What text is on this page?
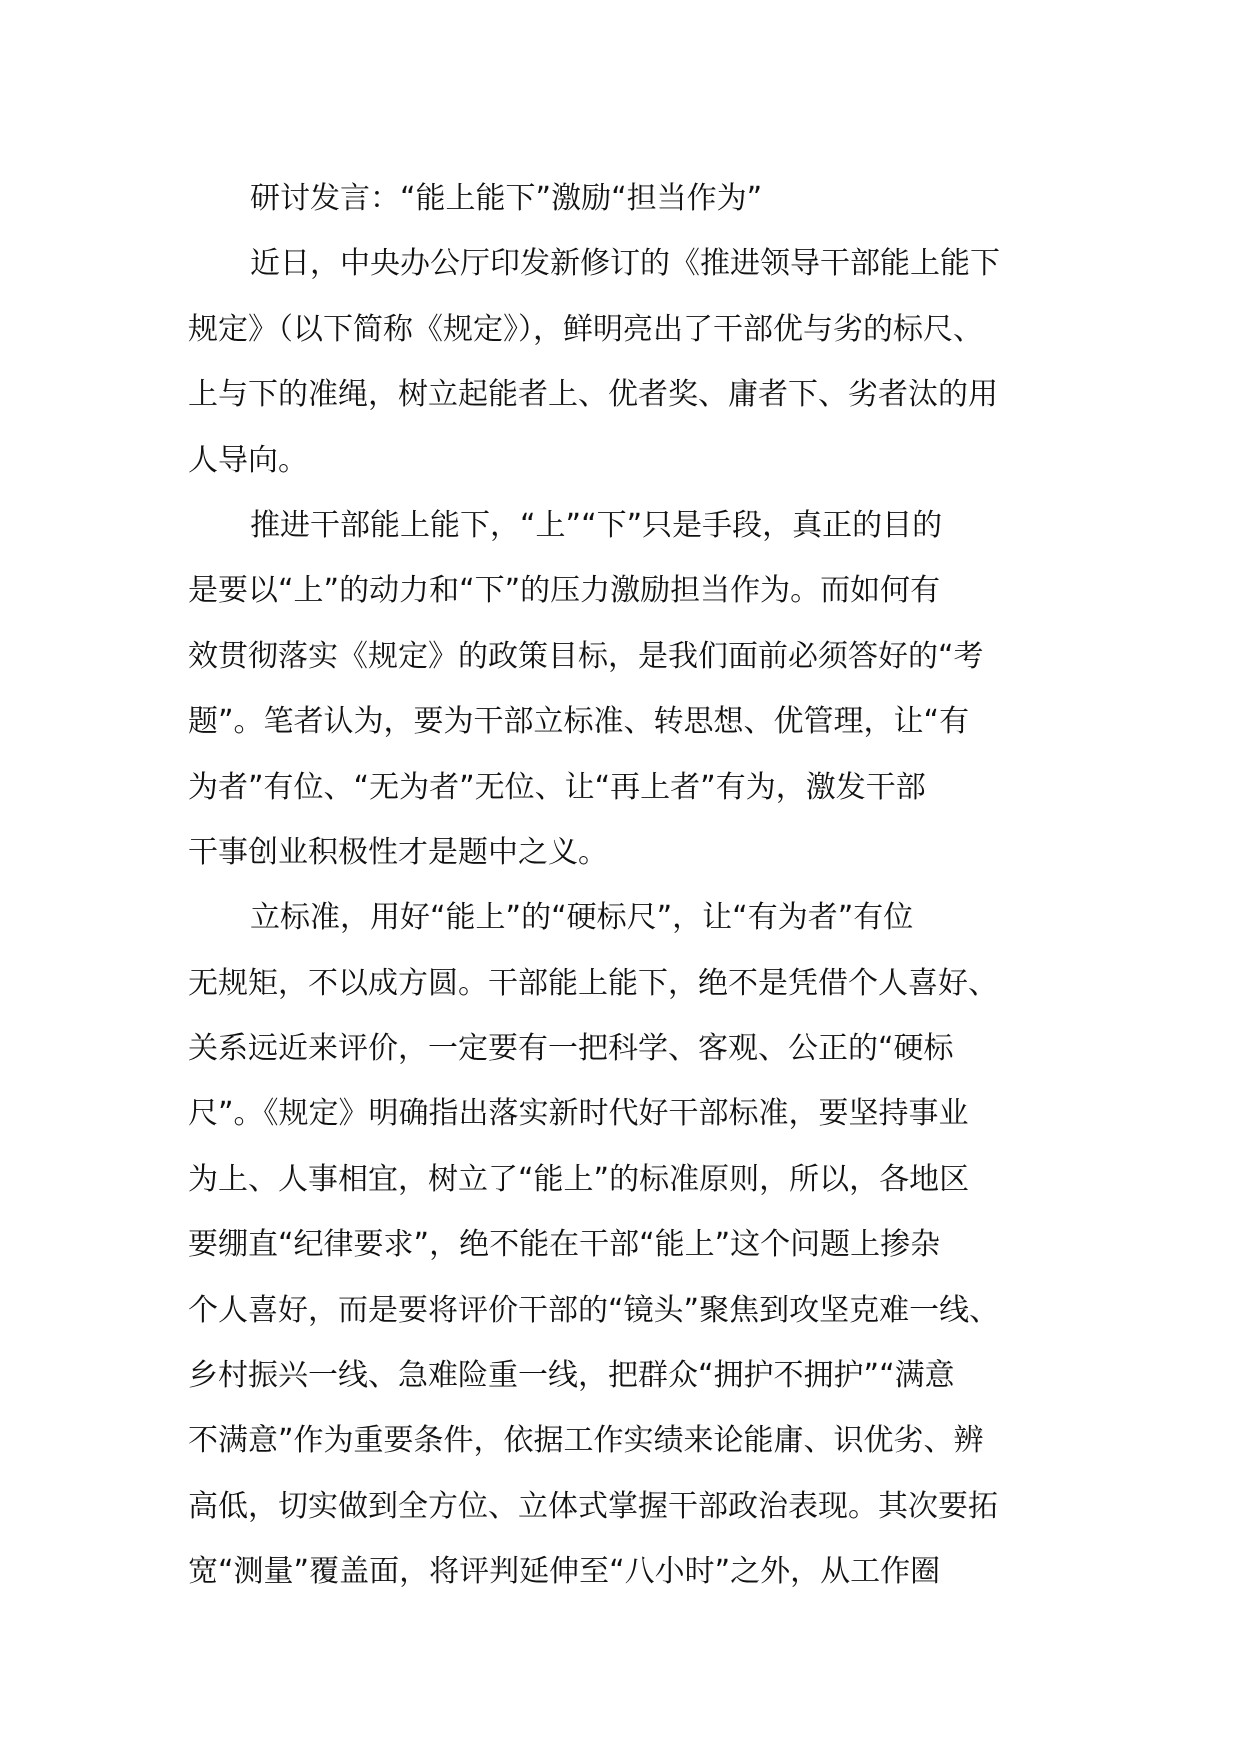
研讨发言：“能上能下”激励“担当作为”
近日，中央办公厅印发新修订的《推进领导干部能上能下
规定》（以下简称《规定》），鲜明亮出了干部优与劣的标尺、
上与下的准绳，树立起能者上、优者奖、庸者下、劣者汰的用
人导向。
推进干部能上能下，“上”“下”只是手段，真正的目的
是要以“上”的动力和“下”的压力激励担当作为。而如何有
效贯彻落实《规定》的政策目标，是我们面前必须答好的“考
题”。笔者认为，要为干部立标准、转思想、优管理，让“有
为者”有位、“无为者”无位、让“再上者”有为，激发干部
干事创业积极性才是题中之义。
立标准，用好“能上”的“硬标尺”，让“有为者”有位
无规矩，不以成方圆。干部能上能下，绝不是凭借个人喜好、
关系远近来评价，一定要有一把科学、客观、公正的“硬标
尺”。《规定》明确指出落实新时代好干部标准，要坚持事业
为上、人事相宜，树立了“能上”的标准原则，所以，各地区
要绷直“纪律要求”，绝不能在干部“能上”这个问题上掺杂
个人喜好，而是要将评价干部的“镜头”聚焦到攻坚克难一线、
乡村振兴一线、急难险重一线，把群众“拥护不拥护”“满意
不满意”作为重要条件，依据工作实绩来论能庸、识优劣、辨
高低，切实做到全方位、立体式掌握干部政治表现。其次要拓
宽“测量”覆盖面，将评判延伸至“八小时”之外，从工作圈
